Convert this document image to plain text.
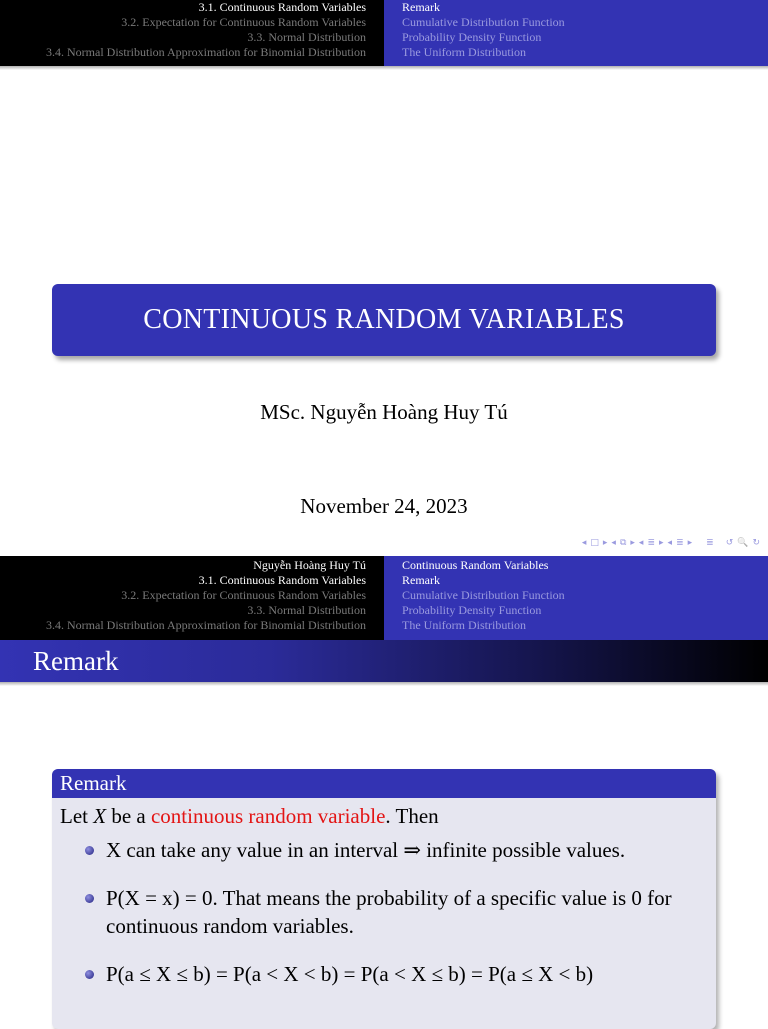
3.1. Continuous Random Variables
3.2. Expectation for Continuous Random Variables
3.3. Normal Distribution
3.4. Normal Distribution Approximation for Binomial Distribution
Remark
Cumulative Distribution Function
Probability Density Function
The Uniform Distribution
CONTINUOUS RANDOM VARIABLES
MSc. Nguyễn Hoàng Huy Tú
November 24, 2023
◂ □ ▸ ◂ ⧉ ▸ ◂ ≣ ▸ ◂ ≣ ▸ ≣ ↺ 🔍 ↻
Nguyễn Hoàng Huy Tú
3.1. Continuous Random Variables
3.2. Expectation for Continuous Random Variables
3.3. Normal Distribution
3.4. Normal Distribution Approximation for Binomial Distribution
Continuous Random Variables
Remark
Cumulative Distribution Function
Probability Density Function
The Uniform Distribution
Remark
Remark
Let X be a continuous random variable. Then
X can take any value in an interval ⇒ infinite possible values.
P(X = x) = 0. That means the probability of a specific value is 0 for continuous random variables.
P(a ≤ X ≤ b) = P(a < X < b) = P(a < X ≤ b) = P(a ≤ X < b)
